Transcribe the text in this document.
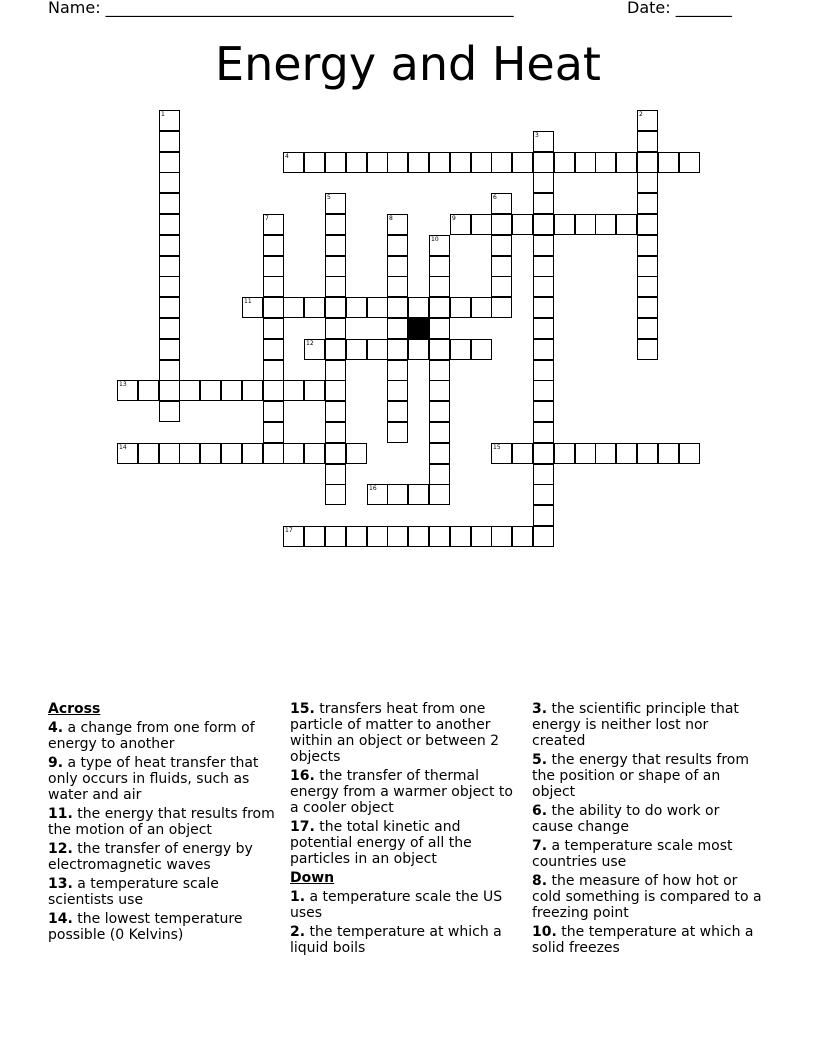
Name: ___________________________________________________	Date: _______
Energy and Heat
1	2
3
4
5	6
7	8	9
10
11
12
13
14	15
16
17
Across
4. a change from one form of energy to another
9. a type of heat transfer that only occurs in fluids, such as water and air
11. the energy that results from the motion of an object
12. the transfer of energy by electromagnetic waves
13. a temperature scale scientists use
14. the lowest temperature possible (0 Kelvins)
15. transfers heat from one particle of matter to another within an object or between 2 objects
16. the transfer of thermal energy from a warmer object to a cooler object
17. the total kinetic and potential energy of all the particles in an object
Down
1. a temperature scale the US uses
2. the temperature at which a liquid boils
3. the scientific principle that energy is neither lost nor created
5. the energy that results from the position or shape of an object
6. the ability to do work or cause change
7. a temperature scale most countries use
8. the measure of how hot or cold something is compared to a freezing point
10. the temperature at which a solid freezes
